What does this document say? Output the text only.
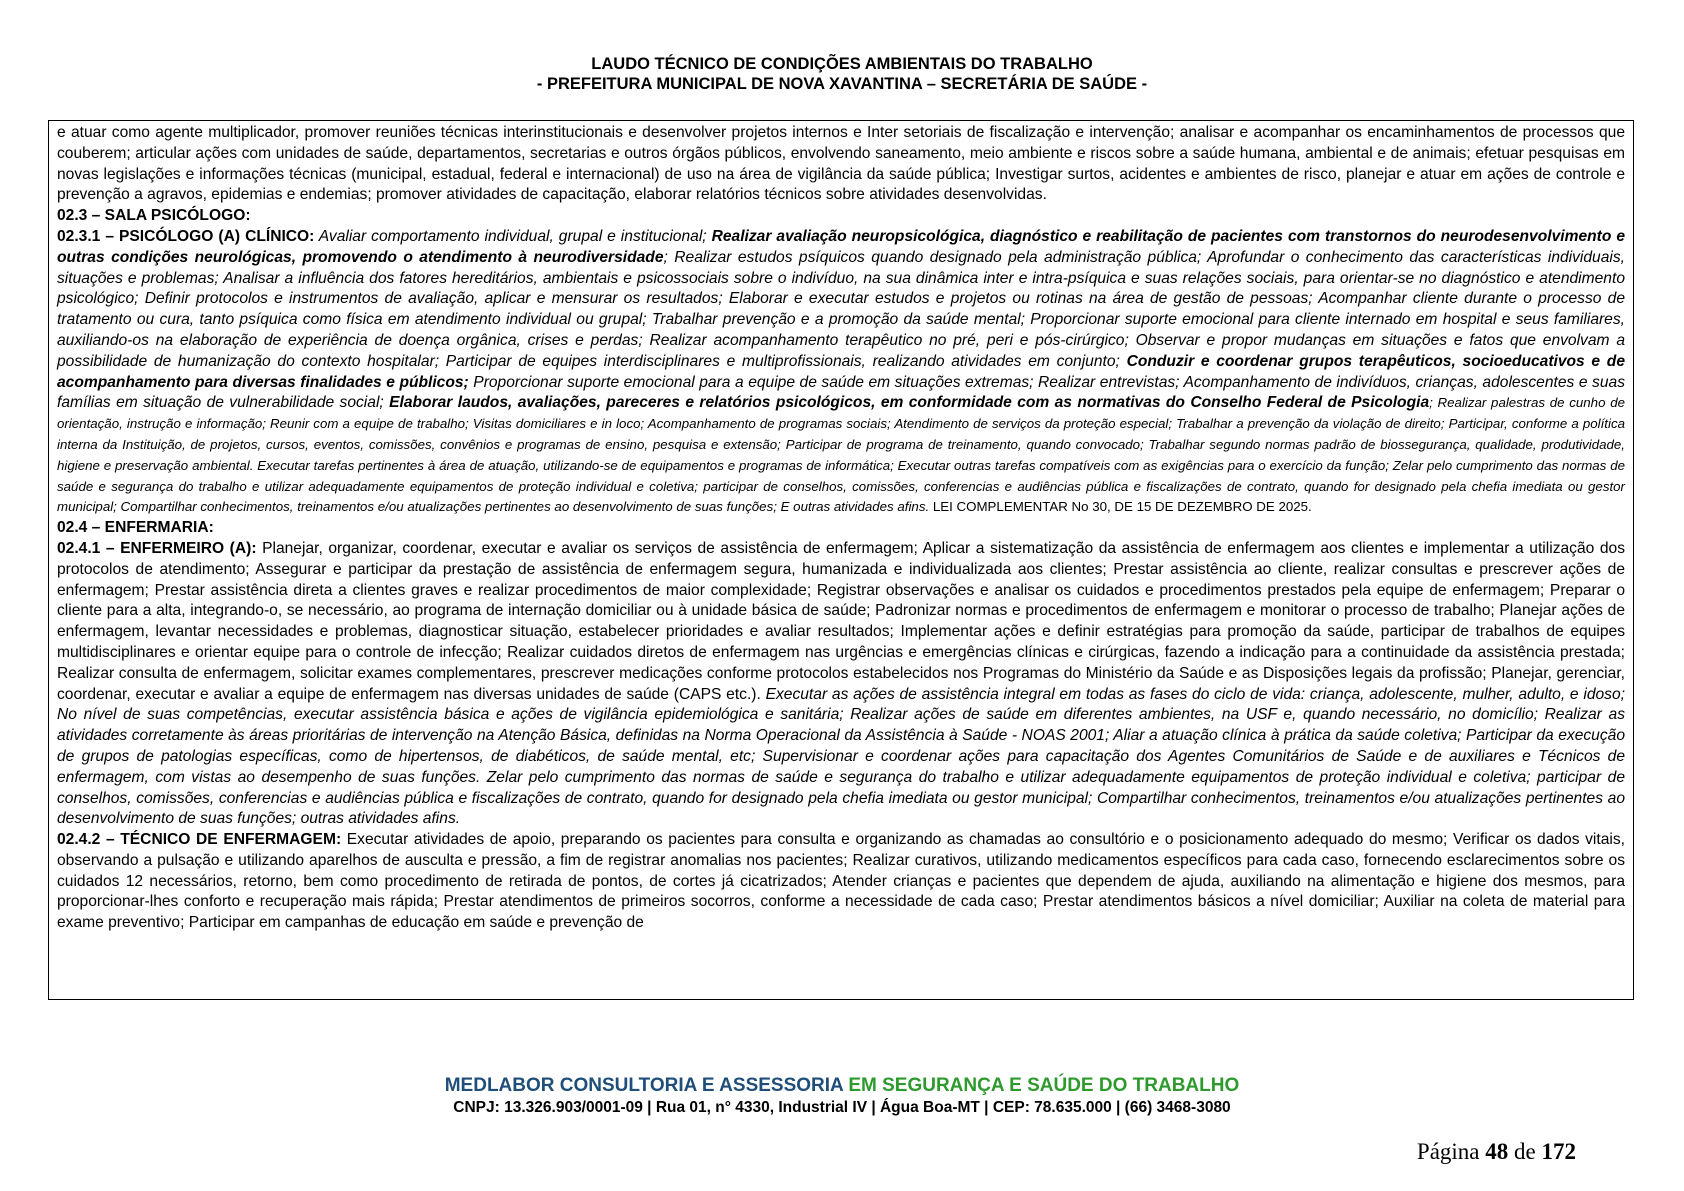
LAUDO TÉCNICO DE CONDIÇÕES AMBIENTAIS DO TRABALHO
- PREFEITURA MUNICIPAL DE NOVA XAVANTINA – SECRETÁRIA DE SAÚDE -

e atuar como agente multiplicador, promover reuniões técnicas interinstitucionais e desenvolver projetos internos e Inter setoriais de fiscalização e intervenção; analisar e acompanhar os encaminhamentos de processos que couberem; articular ações com unidades de saúde, departamentos, secretarias e outros órgãos públicos, envolvendo saneamento, meio ambiente e riscos sobre a saúde humana, ambiental e de animais; efetuar pesquisas em novas legislações e informações técnicas (municipal, estadual, federal e internacional) de uso na área de vigilância da saúde pública; Investigar surtos, acidentes e ambientes de risco, planejar e atuar em ações de controle e prevenção a agravos, epidemias e endemias; promover atividades de capacitação, elaborar relatórios técnicos sobre atividades desenvolvidas.

02.3 – SALA PSICÓLOGO:

02.3.1 – PSICÓLOGO (A) CLÍNICO: Avaliar comportamento individual, grupal e institucional; Realizar avaliação neuropsicológica, diagnóstico e reabilitação de pacientes com transtornos do neurodesenvolvimento e outras condições neurológicas, promovendo o atendimento à neurodiversidade; Realizar estudos psíquicos quando designado pela administração pública; Aprofundar o conhecimento das características individuais, situações e problemas; Analisar a influência dos fatores hereditários, ambientais e psicossociais sobre o indivíduo, na sua dinâmica inter e intra-psíquica e suas relações sociais, para orientar-se no diagnóstico e atendimento psicológico; Definir protocolos e instrumentos de avaliação, aplicar e mensurar os resultados; Elaborar e executar estudos e projetos ou rotinas na área de gestão de pessoas; Acompanhar cliente durante o processo de tratamento ou cura, tanto psíquica como física em atendimento individual ou grupal; Trabalhar prevenção e a promoção da saúde mental; Proporcionar suporte emocional para cliente internado em hospital e seus familiares, auxiliando-os na elaboração de experiência de doença orgânica, crises e perdas; Realizar acompanhamento terapêutico no pré, peri e pós-cirúrgico; Observar e propor mudanças em situações e fatos que envolvam a possibilidade de humanização do contexto hospitalar; Participar de equipes interdisciplinares e multiprofissionais, realizando atividades em conjunto; Conduzir e coordenar grupos terapêuticos, socioeducativos e de acompanhamento para diversas finalidades e públicos; Proporcionar suporte emocional para a equipe de saúde em situações extremas; Realizar entrevistas; Acompanhamento de indivíduos, crianças, adolescentes e suas famílias em situação de vulnerabilidade social; Elaborar laudos, avaliações, pareceres e relatórios psicológicos, em conformidade com as normativas do Conselho Federal de Psicologia; Realizar palestras de cunho de orientação, instrução e informação; Reunir com a equipe de trabalho; Visitas domiciliares e in loco; Acompanhamento de programas sociais; Atendimento de serviços da proteção especial; Trabalhar a prevenção da violação de direito; Participar, conforme a política interna da Instituição, de projetos, cursos, eventos, comissões, convênios e programas de ensino, pesquisa e extensão; Participar de programa de treinamento, quando convocado; Trabalhar segundo normas padrão de biossegurança, qualidade, produtividade, higiene e preservação ambiental. Executar tarefas pertinentes à área de atuação, utilizando-se de equipamentos e programas de informática; Executar outras tarefas compatíveis com as exigências para o exercício da função; Zelar pelo cumprimento das normas de saúde e segurança do trabalho e utilizar adequadamente equipamentos de proteção individual e coletiva; participar de conselhos, comissões, conferencias e audiências pública e fiscalizações de contrato, quando for designado pela chefia imediata ou gestor municipal; Compartilhar conhecimentos, treinamentos e/ou atualizações pertinentes ao desenvolvimento de suas funções; E outras atividades afins. LEI COMPLEMENTAR No 30, DE 15 DE DEZEMBRO DE 2025.

02.4 – ENFERMARIA:

02.4.1 – ENFERMEIRO (A): Planejar, organizar, coordenar, executar e avaliar os serviços de assistência de enfermagem; Aplicar a sistematização da assistência de enfermagem aos clientes e implementar a utilização dos protocolos de atendimento; Assegurar e participar da prestação de assistência de enfermagem segura, humanizada e individualizada aos clientes; Prestar assistência ao cliente, realizar consultas e prescrever ações de enfermagem; Prestar assistência direta a clientes graves e realizar procedimentos de maior complexidade; Registrar observações e analisar os cuidados e procedimentos prestados pela equipe de enfermagem; Preparar o cliente para a alta, integrando-o, se necessário, ao programa de internação domiciliar ou à unidade básica de saúde; Padronizar normas e procedimentos de enfermagem e monitorar o processo de trabalho; Planejar ações de enfermagem, levantar necessidades e problemas, diagnosticar situação, estabelecer prioridades e avaliar resultados; Implementar ações e definir estratégias para promoção da saúde, participar de trabalhos de equipes multidisciplinares e orientar equipe para o controle de infecção; Realizar cuidados diretos de enfermagem nas urgências e emergências clínicas e cirúrgicas, fazendo a indicação para a continuidade da assistência prestada; Realizar consulta de enfermagem, solicitar exames complementares, prescrever medicações conforme protocolos estabelecidos nos Programas do Ministério da Saúde e as Disposições legais da profissão; Planejar, gerenciar, coordenar, executar e avaliar a equipe de enfermagem nas diversas unidades de saúde (CAPS etc.). Executar as ações de assistência integral em todas as fases do ciclo de vida: criança, adolescente, mulher, adulto, e idoso; No nível de suas competências, executar assistência básica e ações de vigilância epidemiológica e sanitária; Realizar ações de saúde em diferentes ambientes, na USF e, quando necessário, no domicílio; Realizar as atividades corretamente às áreas prioritárias de intervenção na Atenção Básica, definidas na Norma Operacional da Assistência à Saúde - NOAS 2001; Aliar a atuação clínica à prática da saúde coletiva; Participar da execução de grupos de patologias específicas, como de hipertensos, de diabéticos, de saúde mental, etc; Supervisionar e coordenar ações para capacitação dos Agentes Comunitários de Saúde e de auxiliares e Técnicos de enfermagem, com vistas ao desempenho de suas funções. Zelar pelo cumprimento das normas de saúde e segurança do trabalho e utilizar adequadamente equipamentos de proteção individual e coletiva; participar de conselhos, comissões, conferencias e audiências pública e fiscalizações de contrato, quando for designado pela chefia imediata ou gestor municipal; Compartilhar conhecimentos, treinamentos e/ou atualizações pertinentes ao desenvolvimento de suas funções; outras atividades afins.

02.4.2 – TÉCNICO DE ENFERMAGEM: Executar atividades de apoio, preparando os pacientes para consulta e organizando as chamadas ao consultório e o posicionamento adequado do mesmo; Verificar os dados vitais, observando a pulsação e utilizando aparelhos de ausculta e pressão, a fim de registrar anomalias nos pacientes; Realizar curativos, utilizando medicamentos específicos para cada caso, fornecendo esclarecimentos sobre os cuidados 12 necessários, retorno, bem como procedimento de retirada de pontos, de cortes já cicatrizados; Atender crianças e pacientes que dependem de ajuda, auxiliando na alimentação e higiene dos mesmos, para proporcionar-lhes conforto e recuperação mais rápida; Prestar atendimentos de primeiros socorros, conforme a necessidade de cada caso; Prestar atendimentos básicos a nível domiciliar; Auxiliar na coleta de material para exame preventivo; Participar em campanhas de educação em saúde e prevenção de

MEDLABOR CONSULTORIA E ASSESSORIA EM SEGURANÇA E SAÚDE DO TRABALHO
CNPJ: 13.326.903/0001-09 | Rua 01, n° 4330, Industrial IV | Água Boa-MT | CEP: 78.635.000 | (66) 3468-3080
Página 48 de 172
